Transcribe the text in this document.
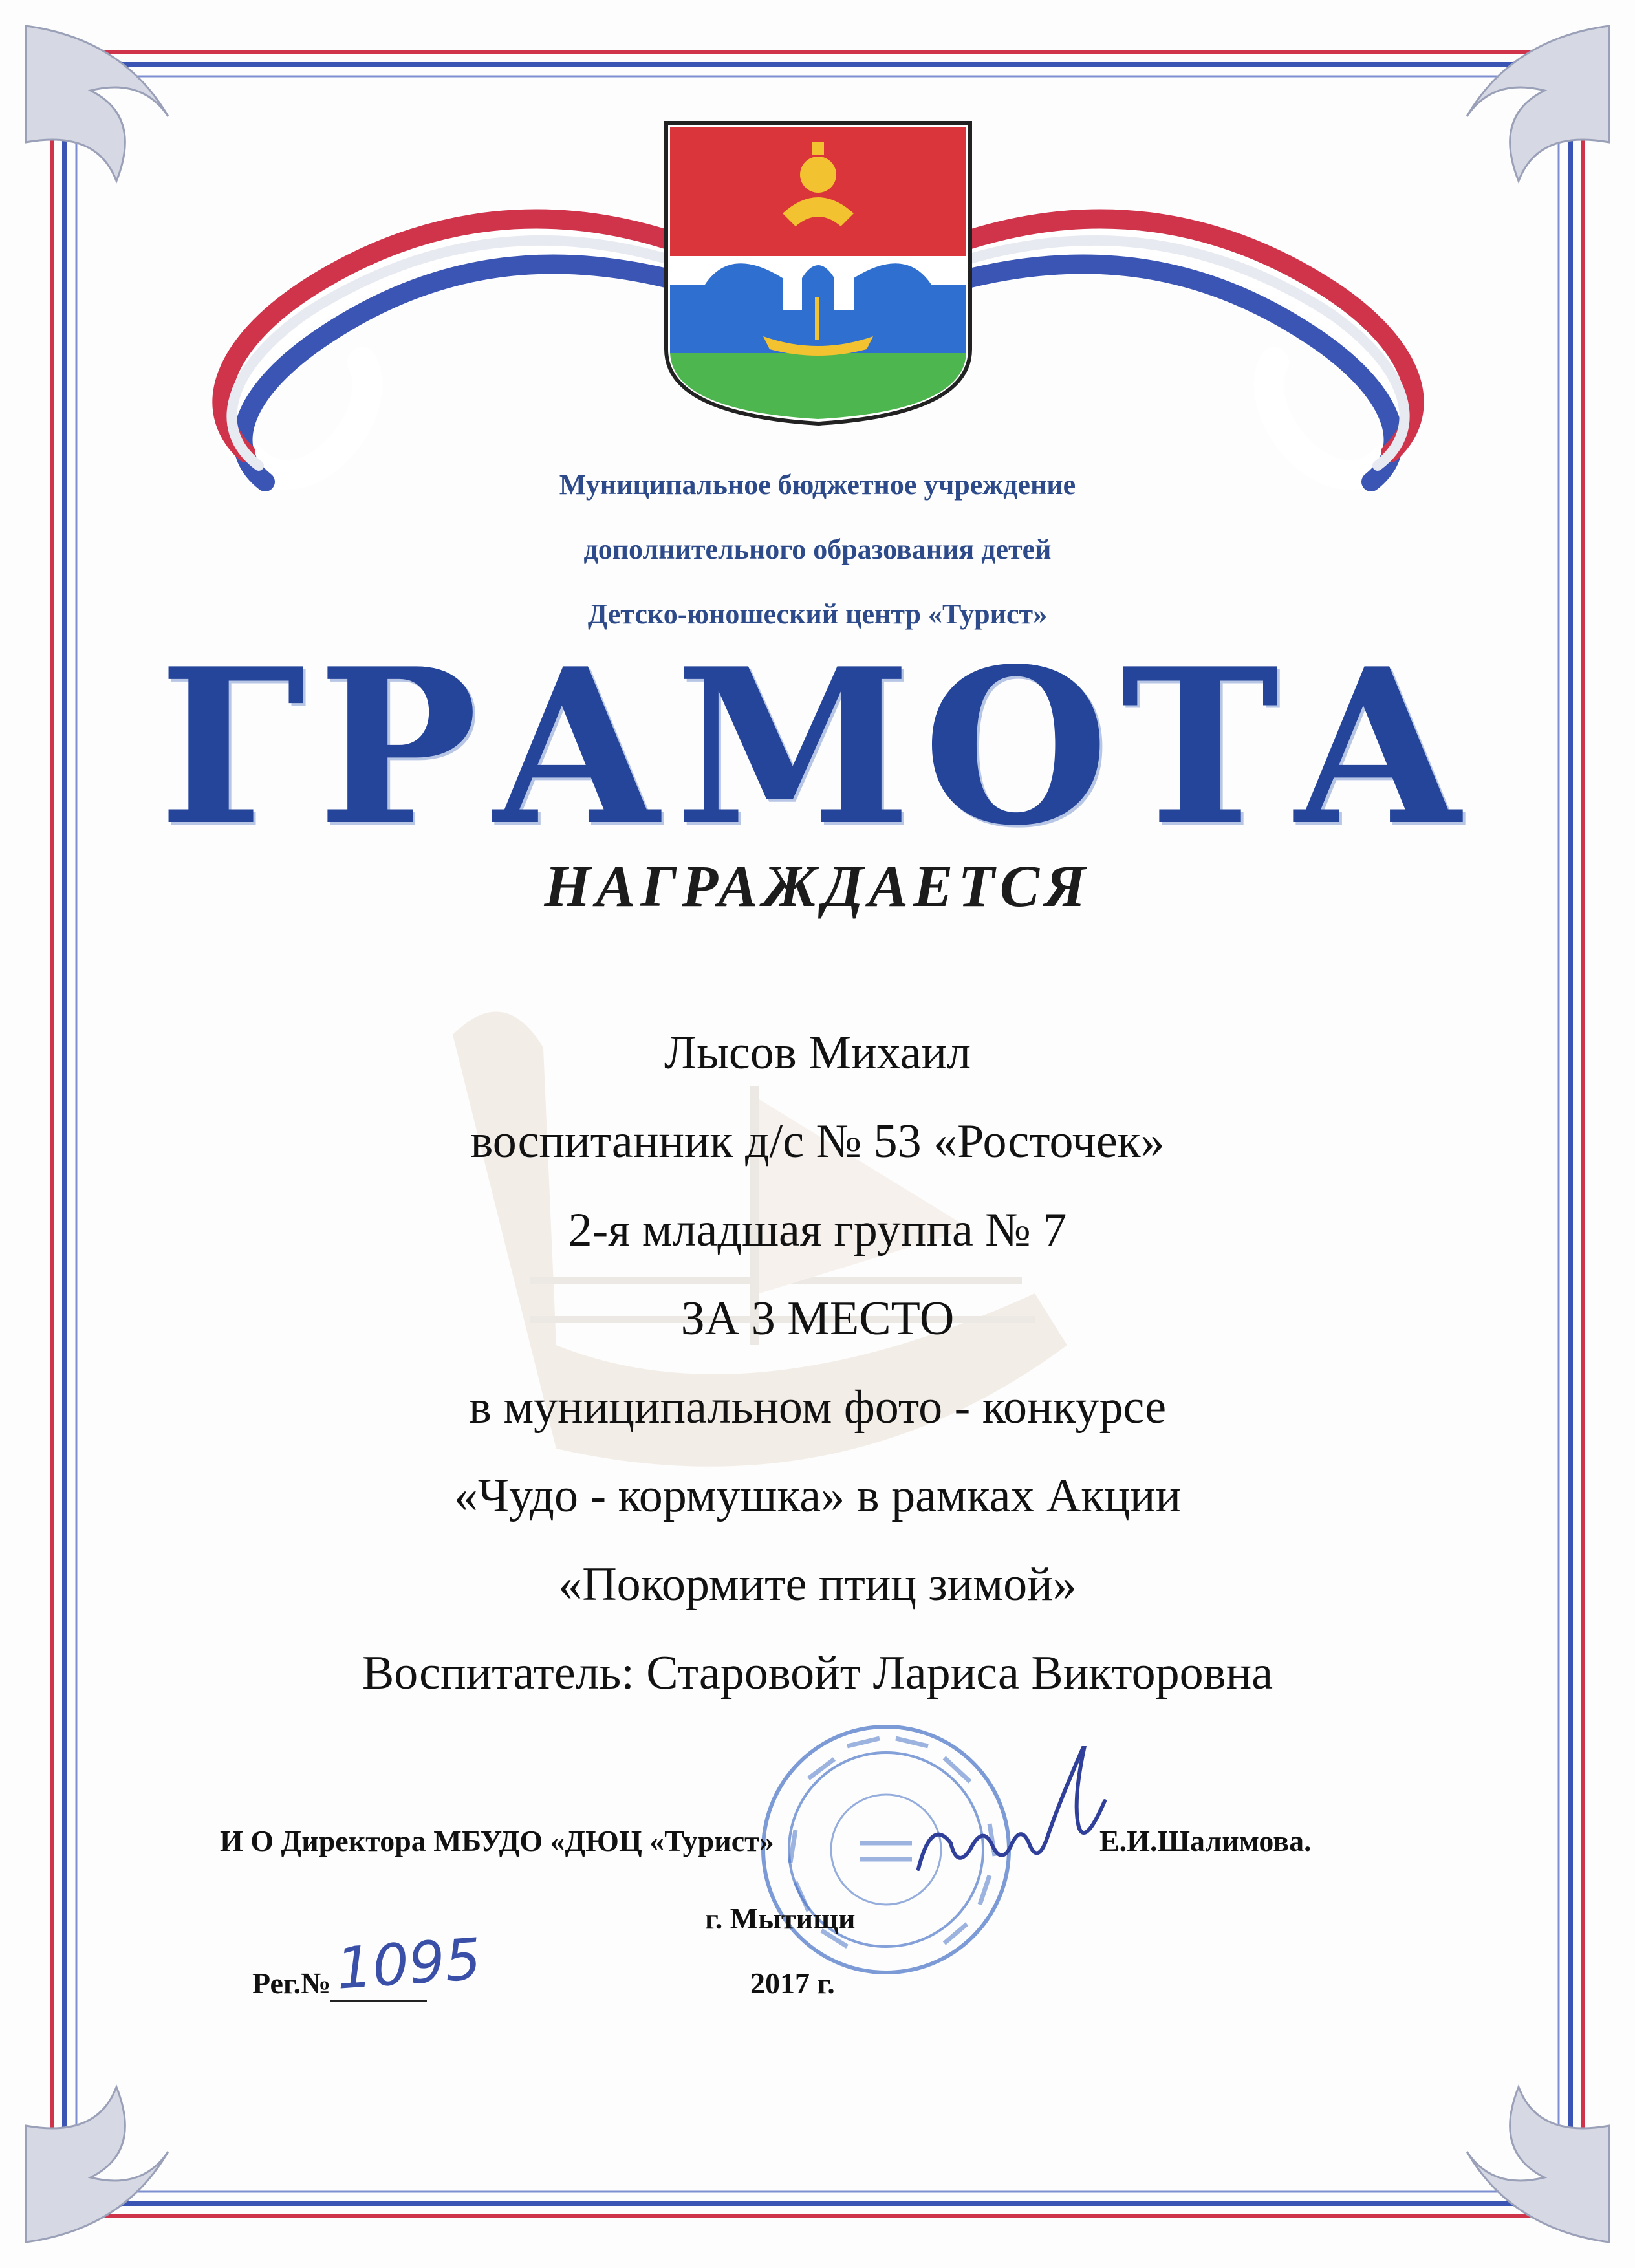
Муниципальное бюджетное учреждение
дополнительного образования детей
Детско-юношеский центр «Турист»
ГРАМОТА
НАГРАЖДАЕТСЯ
Лысов Михаил
воспитанник д/с № 53 «Росточек»
2-я младшая группа № 7
ЗА 3 МЕСТО
в муниципальном фото - конкурсе
«Чудо - кормушка» в рамках Акции
«Покормите птиц зимой»
Воспитатель: Старовойт Лариса Викторовна
И О Директора МБУДО «ДЮЦ «Турист»	Е.И.Шалимова.
г. Мытищи
Рег.№ 1095	2017 г.
